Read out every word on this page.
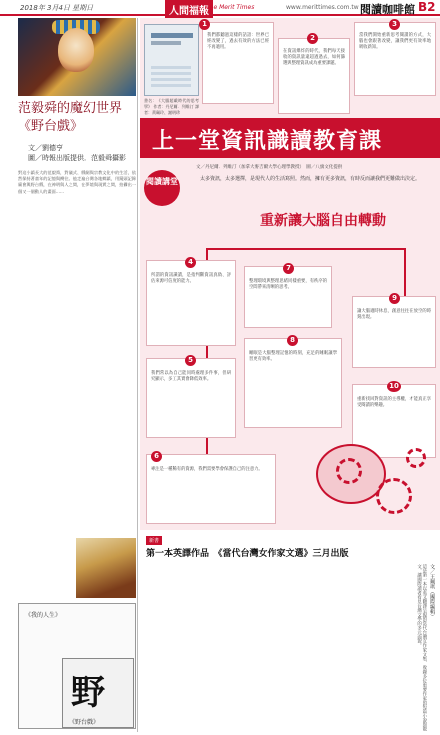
2018年 3月4日 星期日	人間福報
The Merit Times	www.merittimes.com.tw 閱讀咖啡館 B2
范毅舜的魔幻世界
《野台戲》
文／劉德亨
圖／時報出版提供．范毅舜攝影
對這小鎮長大的范毅舜，對儀式、戲劇與宗教文化中的生活，依然保持著童年的記憶與嚮往。他走遍台灣各地鄉鎮，用鏡頭記錄廟會與野台戲，在神明與人之間，在夢境與現實之間，拍攝出一個又一個動人的畫面……
《我的人生》
野
《野台戲》
書名：《大腦超載時代的思考學》 作者：丹尼爾．列維汀 譯者：黃珮玲、謝明珍
1
我們都聽過這樣的話語：世界已經改變了，過去有效的方法已經不再適用。
2
在資訊爆炸的時代，我們每天接收的資訊量遠超過過去，如何篩選與整理資訊成為重要課題。
3
當我們開始重新思考閱讀的方式，大腦也會跟著改變，讓我們更有效率地吸收新知。
上一堂資訊識讀教育課
文／丹尼爾．列維汀（加拿大麥吉爾大學心理學教授）　圖／八旗文化提供
閱讀講堂	太多資訊，太多選擇，是現代人的生活寫照。然而，擁有更多資訊，有時反而讓我們更難做出決定。
重新讓大腦自由轉動
4
所謂的資訊識讀，是指判斷資訊真偽、評估來源可信度的能力。
7
整理環境與整理思緒同樣重要，有秩序的空間帶來清晰的思考。
9
讓大腦適時休息，創意往往在放空的時刻出現。
5
我們常以為自己能同時處理多件事，但研究顯示，多工其實會降低效率。
8
睡眠是大腦整理記憶的時刻，充足的睡眠讓學習更有效率。
10
重新找回對資訊的主導權，才能真正享受閱讀的樂趣。
6
專注是一種稀有的資源，我們需要學會保護自己的注意力。
新書
第一本英譯作品　《當代台灣女作家文選》三月出版
文／王珮琪（國際編輯）
這是第一本以英文翻譯呈現的當代台灣女作家文集，收錄多位重要作家的短篇小說與散文，讓國際讀者看見台灣文學的多元面貌。
